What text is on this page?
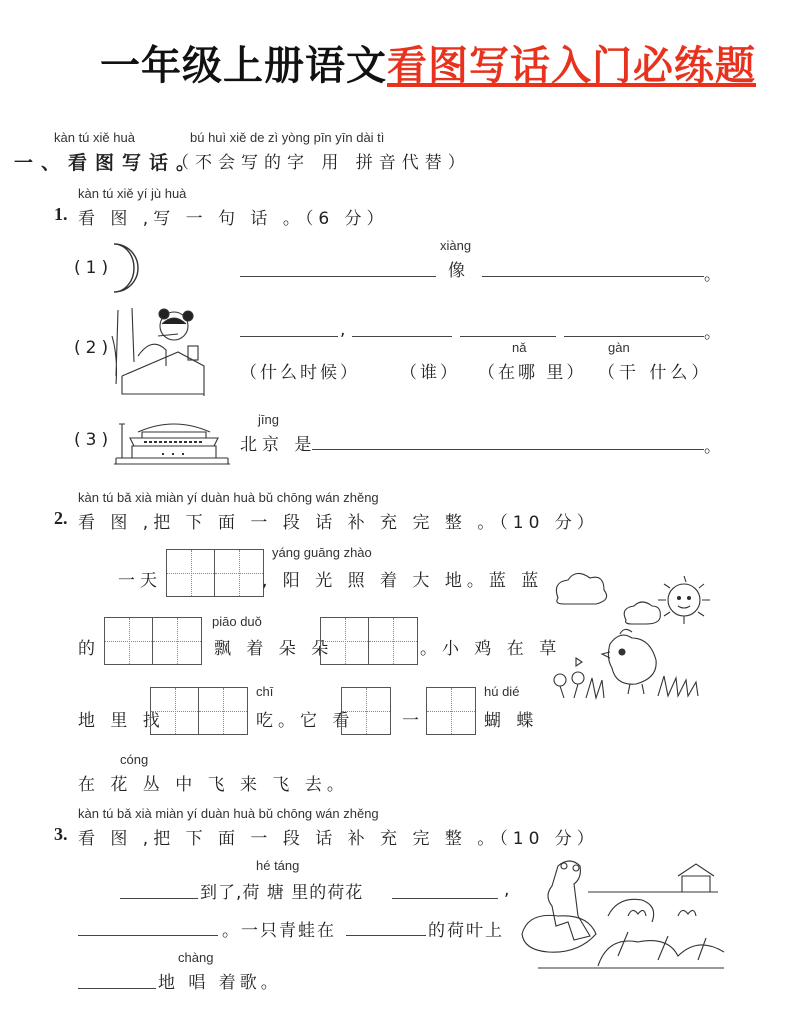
一年级上册语文看图写话入门必练题
kàn tú xiě huà	bú huì xiě de zì yòng pīn yīn dài tì
一、看图写话。
（不会写的字 用 拼音代替）
kàn tú xiě yí jù huà
1. 看 图 ,写 一 句 话 。（6 分）
(1)
xiàng
像	。
(2)
,	。
nǎ	gàn
（什么时候） （谁） （在哪 里） （干 什么）
(3)
jīng
北京 是	。
kàn tú bǎ xià miàn yí duàn huà bǔ chōng wán zhěng
2. 看 图 ,把 下 面 一 段 话 补 充 完 整 。（10 分）
一天
yáng guāng zhào
, 阳 光 照 着 大 地。蓝 蓝
的
piāo duǒ
飘 着 朵 朵	。小 鸡 在 草
地 里 找
chī
吃。它 看	一
hú dié
蝴 蝶
cóng
在 花 丛 中 飞 来 飞 去。
kàn tú bǎ xià miàn yí duàn huà bǔ chōng wán zhěng
3. 看 图 ,把 下 面 一 段 话 补 充 完 整 。（10 分）
hé táng
到了,荷 塘 里的荷花	,
。一只青蛙在	的荷叶上
chàng
地 唱 着歌。
